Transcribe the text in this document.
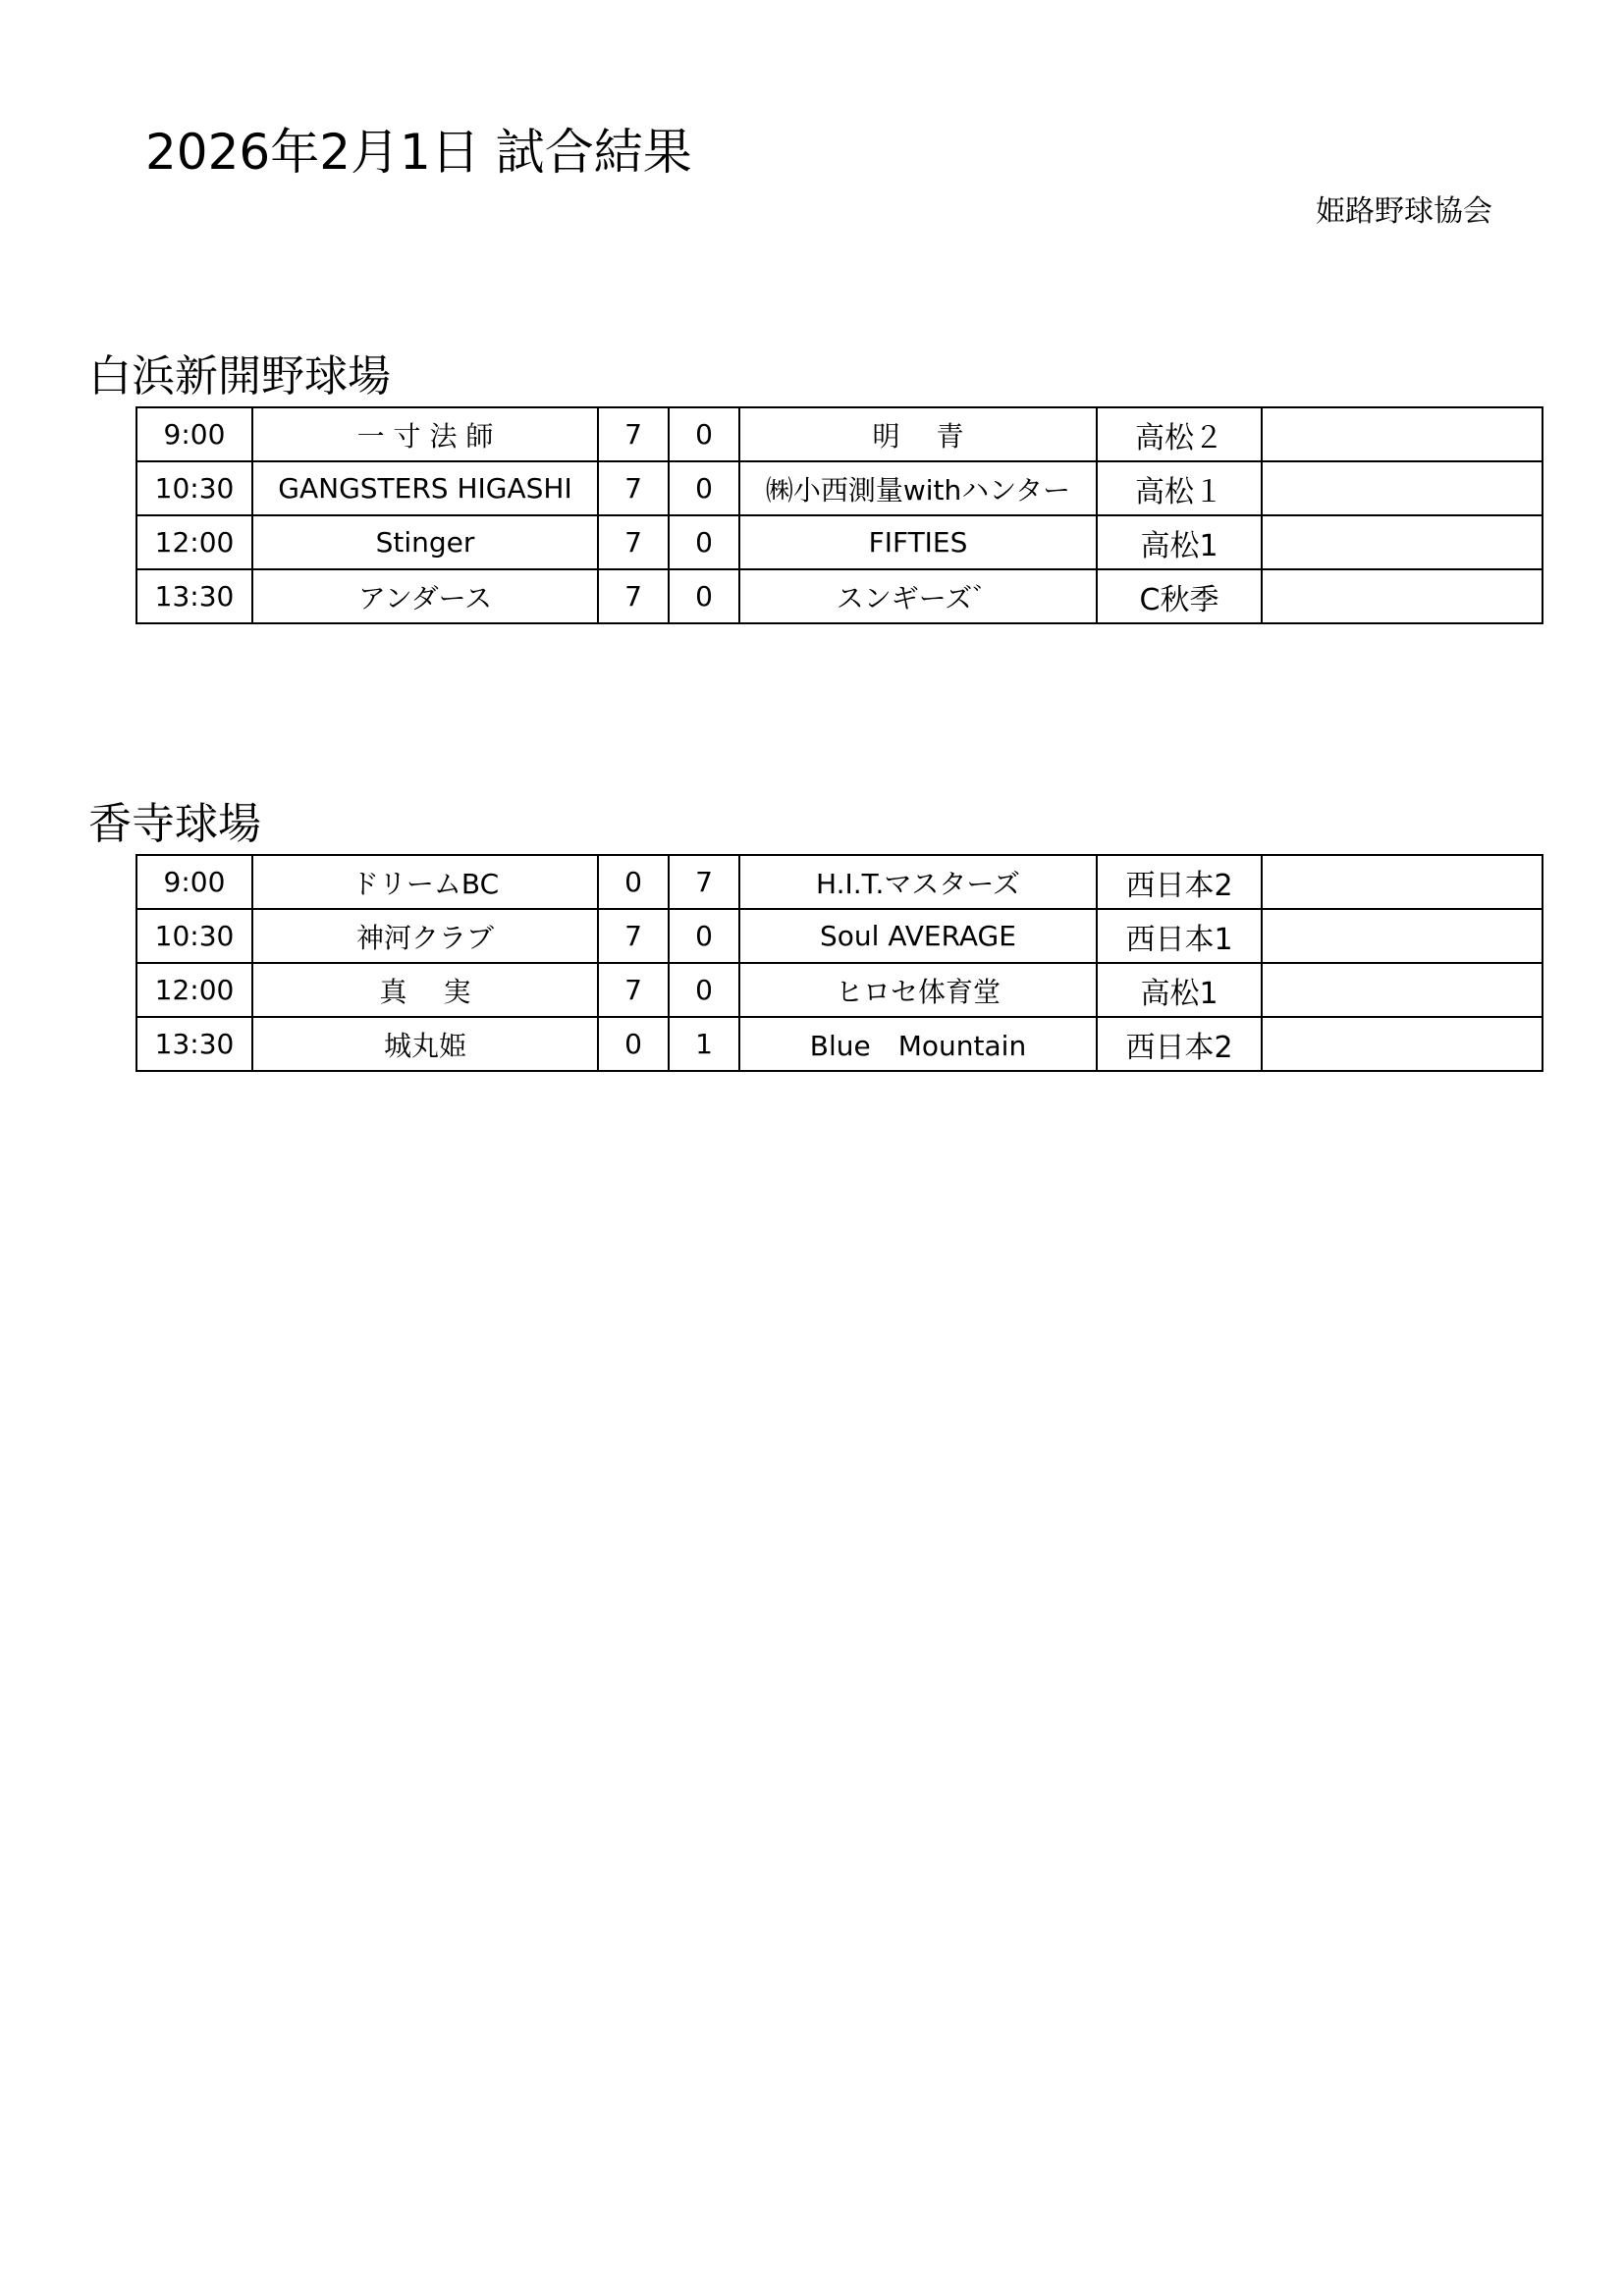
2026年2月1日 試合結果
姫路野球協会
白浜新開野球場
9:00	一 寸 法 師	7	0	明　 青	高松２	
10:30	GANGSTERS HIGASHI	7	0	㈱小西測量withハンター	高松１	
12:00	Stinger	7	0	FIFTIES	高松1	
13:30	アンダース	7	0	スンギーズ゛	C秋季	
香寺球場
9:00	ドリームBC	0	7	H.I.T.マスターズ	西日本2	
10:30	神河クラブ	7	0	Soul AVERAGE	西日本1	
12:00	真　 実	7	0	ヒロセ体育堂	高松1	
13:30	城丸姫	0	1	Blue　Mountain	西日本2	
